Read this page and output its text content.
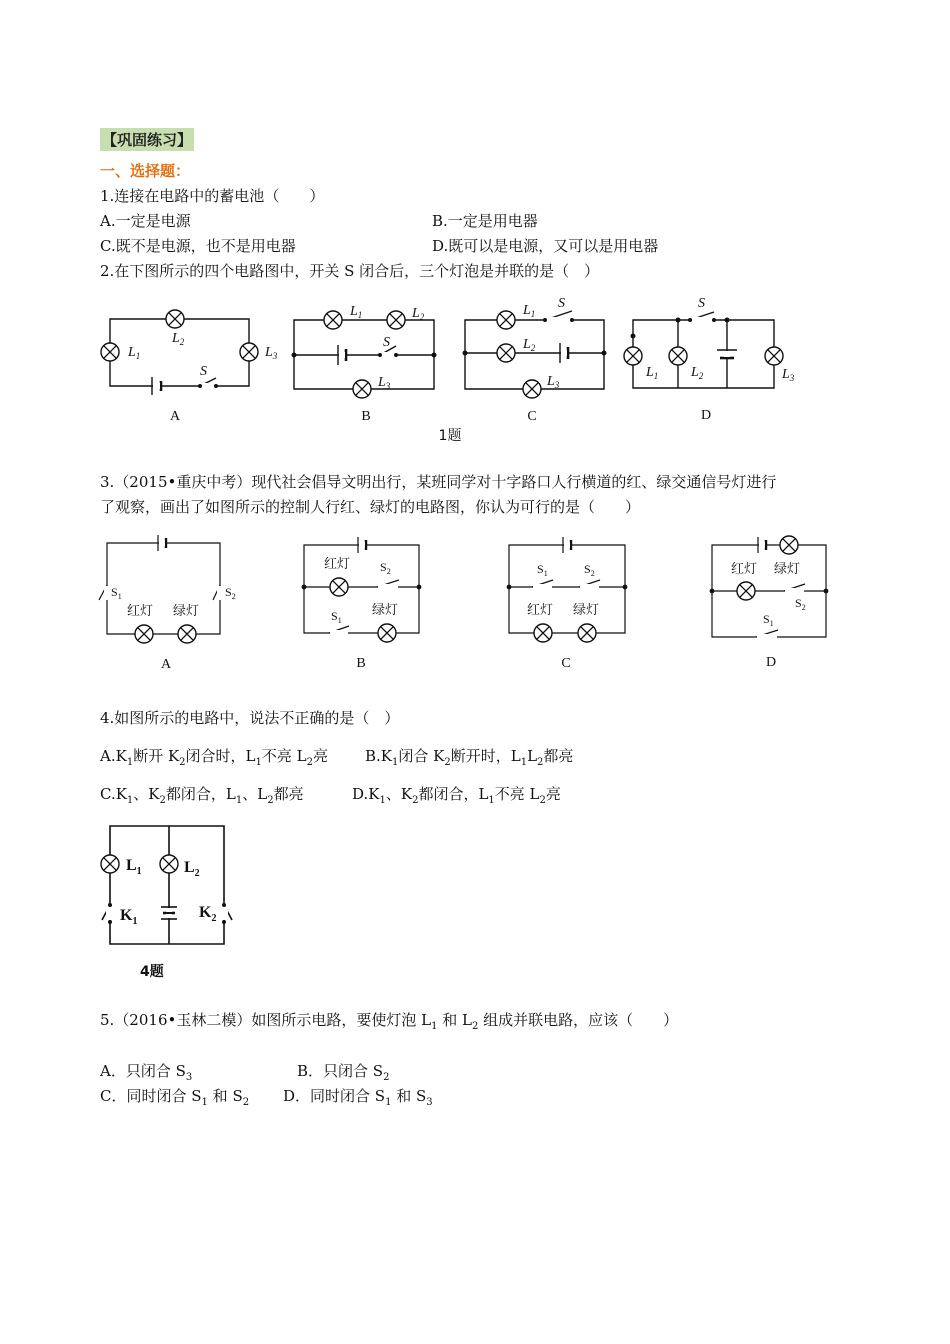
【巩固练习】
一、选择题：
1.连接在电路中的蓄电池（　　）
A.一定是电源	B.一定是用电器
C.既不是电源，也不是用电器	D.既可以是电源，又可以是用电器
2.在下图所示的四个电路图中，开关 S 闭合后，三个灯泡是并联的是（　）
$L_1$
$L_2$
$L_3$
S
$L_1$	$L_2$
S
$L_3$
$L_1$
S
$L_2$
$L_3$
S
$L_1$ $L_2$	$L_3$
A	B	C	D
1题
3.（2015•重庆中考）现代社会倡导文明出行，某班同学对十字路口人行横道的红、绿交通信号灯进行
了观察，画出了如图所示的控制人行红、绿灯的电路图，你认为可行的是（　　）
红灯 绿灯
红灯
绿灯	红灯 绿灯
红灯 绿灯
$S_1$	$S_2$
$S_2$
$S_1$
$S_1$	$S_2$
$S_2$
$S_1$
A	B	C	D
4.如图所示的电路中，说法不正确的是（　）
$A.K_1$断开 $K_2$闭合时，$L_1$不亮 $L_2$亮 $B.K_1$闭合 $K_2$断开时，$L_1L_2$都亮
$C.K_1$、$K_2$都闭合，$L_1$、$L_2$都亮	$D.K_1$、$K_2$都闭合，$L_1$不亮 $L_2$亮
$L_1$	$L_2$
$K_1$
$K_2$
4题
5.（2016•玉林二模）如图所示电路，要使灯泡 $L_1$ 和 $L_2$ 组成并联电路，应该（　　）
A．只闭合 $S_3$	B．只闭合 $S_2$
C．同时闭合 $S_1$ 和 $S_2$ D．同时闭合 $S_1$ 和 $S_3$
